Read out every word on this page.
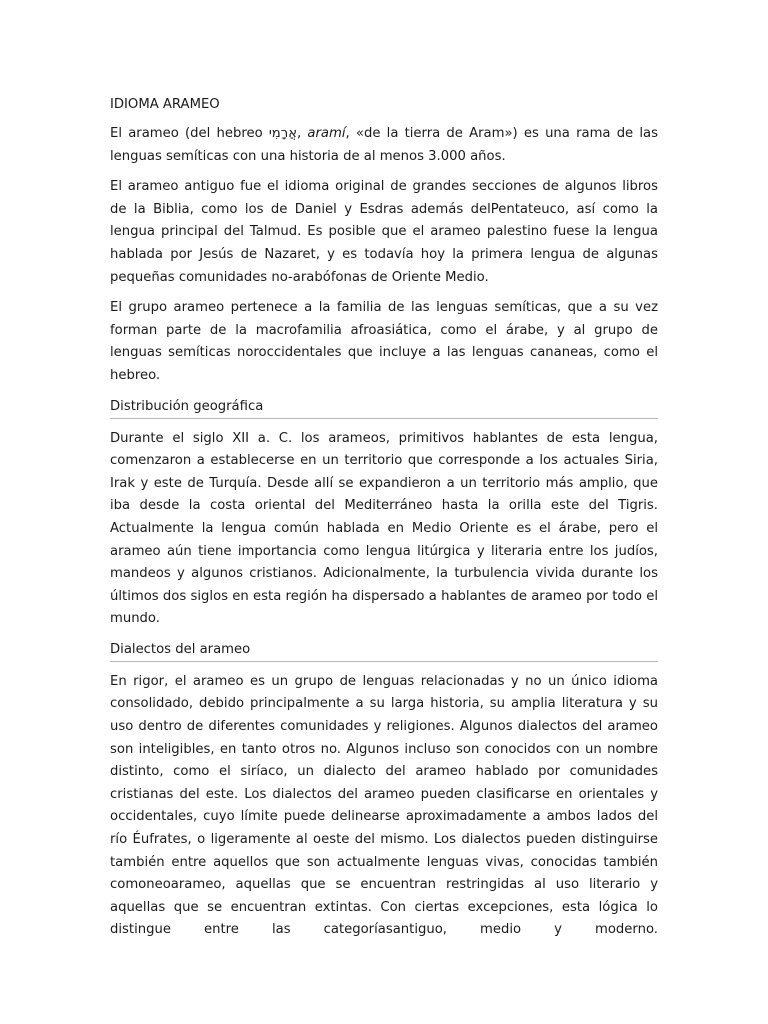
IDIOMA ARAMEO

El arameo (del hebreo אֲרָמִי, aramí, «de la tierra de Aram») es una rama de las lenguas semíticas con una historia de al menos 3.000 años.

El arameo antiguo fue el idioma original de grandes secciones de algunos libros de la Biblia, como los de Daniel y Esdras además delPentateuco, así como la lengua principal del Talmud. Es posible que el arameo palestino fuese la lengua hablada por Jesús de Nazaret, y es todavía hoy la primera lengua de algunas pequeñas comunidades no-arabófonas de Oriente Medio.

El grupo arameo pertenece a la familia de las lenguas semíticas, que a su vez forman parte de la macrofamilia afroasiática, como el árabe, y al grupo de lenguas semíticas noroccidentales que incluye a las lenguas cananeas, como el hebreo.

Distribución geográfica

Durante el siglo XII a. C. los arameos, primitivos hablantes de esta lengua, comenzaron a establecerse en un territorio que corresponde a los actuales Siria, Irak y este de Turquía. Desde allí se expandieron a un territorio más amplio, que iba desde la costa oriental del Mediterráneo hasta la orilla este del Tigris. Actualmente la lengua común hablada en Medio Oriente es el árabe, pero el arameo aún tiene importancia como lengua litúrgica y literaria entre los judíos, mandeos y algunos cristianos. Adicionalmente, la turbulencia vivida durante los últimos dos siglos en esta región ha dispersado a hablantes de arameo por todo el mundo.

Dialectos del arameo

En rigor, el arameo es un grupo de lenguas relacionadas y no un único idioma consolidado, debido principalmente a su larga historia, su amplia literatura y su uso dentro de diferentes comunidades y religiones. Algunos dialectos del arameo son inteligibles, en tanto otros no. Algunos incluso son conocidos con un nombre distinto, como el siríaco, un dialecto del arameo hablado por comunidades cristianas del este. Los dialectos del arameo pueden clasificarse en orientales y occidentales, cuyo límite puede delinearse aproximadamente a ambos lados del río Éufrates, o ligeramente al oeste del mismo. Los dialectos pueden distinguirse también entre aquellos que son actualmente lenguas vivas, conocidas también comoneoarameo, aquellas que se encuentran restringidas al uso literario y aquellas que se encuentran extintas. Con ciertas excepciones, esta lógica lo distingue entre las categoríasantiguo, medio y moderno.
